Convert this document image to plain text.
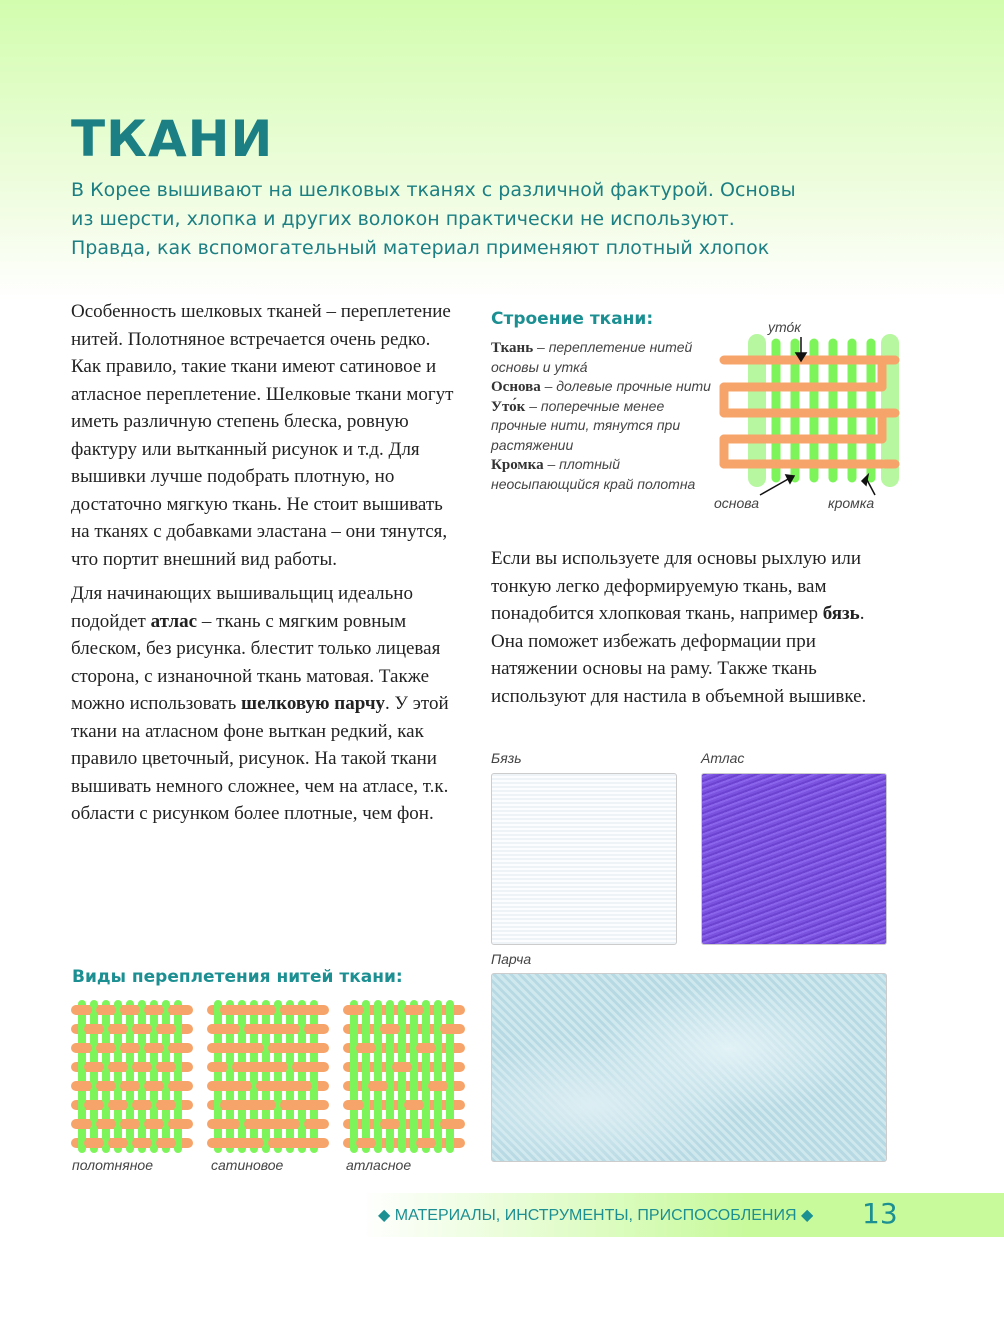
ТКАНИ
В Корее вышивают на шелковых тканях с различной фактурой. Основы
из шерсти, хлопка и других волокон практически не используют.
Правда, как вспомогательный материал применяют плотный хлопок

Особенность шелковых тканей – переплетение нитей. Полотняное встречается очень редко. Как правило, такие ткани имеют сатиновое и атласное переплетение. Шелковые ткани могут иметь различную степень блеска, ровную фактуру или вытканный рисунок и т.д. Для вышивки лучше подобрать плотную, но достаточно мягкую ткань. Не стоит вышивать на тканях с добавками эластана – они тянутся, что портит внешний вид работы.

Для начинающих вышивальщиц идеально подойдет атлас – ткань с мягким ровным блеском, без рисунка. блестит только лицевая сторона, с изнаночной ткань матовая. Также можно использовать шелковую парчу. У этой ткани на атласном фоне выткан редкий, как правило цветочный, рисунок. На такой ткани вышивать немного сложнее, чем на атласе, т.к. области с рисунком более плотные, чем фон.

Строение ткани:
Ткань – переплетение нитей основы и утка́
Основа – долевые прочные нити
Уто́к – поперечные менее прочные нити, тянутся при растяжении
Кромка – плотный неосыпающийся край полотна
уто́к
основа	кромка

Если вы используете для основы рыхлую или тонкую легко деформируемую ткань, вам понадобится хлопковая ткань, например бязь. Она поможет избежать деформации при натяжении основы на раму. Также ткань используют для настила в объемной вышивке.

Бязь	Атлас
Парча
Виды переплетения нитей ткани:
полотняное	сатиновое	атласное
◆ МАТЕРИАЛЫ, ИНСТРУМЕНТЫ, ПРИСПОСОБЛЕНИЯ ◆ 13
